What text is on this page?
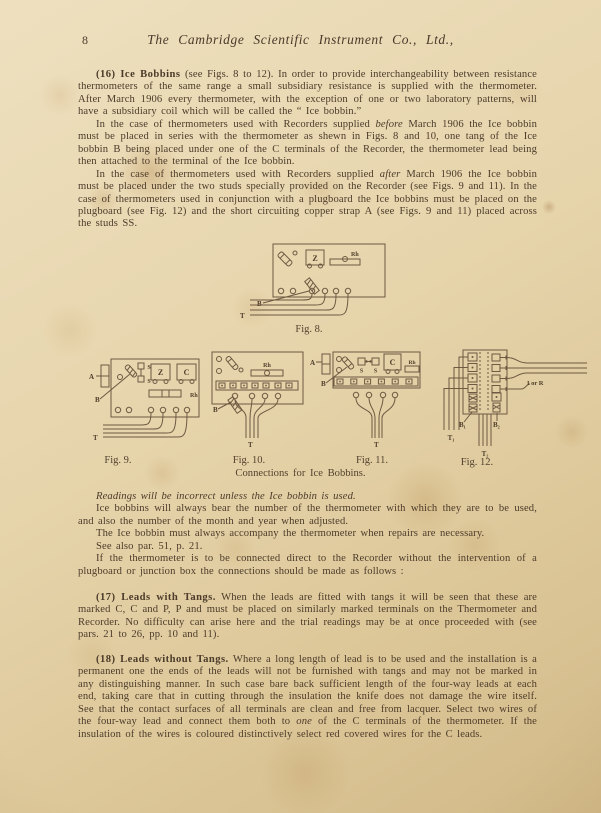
8	The Cambridge Scientific Instrument Co., Ltd.,

(16) Ice Bobbins (see Figs. 8 to 12). In order to provide interchangeability between resistance thermometers of the same range a small subsidiary resistance is supplied with the thermometer. After March 1906 every thermometer, with the exception of one or two laboratory patterns, will have a subsidiary coil which will be called the “ Ice bobbin.”

In the case of thermometers used with Recorders supplied before March 1906 the Ice bobbin must be placed in series with the thermometer as shewn in Figs. 8 and 10, one tang of the Ice bobbin B being placed under one of the C terminals of the Recorder, the thermometer lead being then attached to the terminal of the Ice bobbin.

In the case of thermometers used with Recorders supplied after March 1906 the Ice bobbin must be placed under the two studs specially provided on the Recorder (see Figs. 9 and 11). In the case of thermometers used in conjunction with a plugboard the Ice bobbins must be placed on the plugboard (see Fig. 12) and the short circuiting copper strap A (see Figs. 9 and 11) placed across the studs SS.

Z	Rh
B
T
Fig. 8.
A
S
S
Z	C
Rh
B
T
Fig. 9.
Rh
B
T
Fig. 10.
A
S S
C Rh
B
T
Fig. 11.
T₁
B₁
I or R
B₂
T₂
Fig. 12.
Connections for Ice Bobbins.

Readings will be incorrect unless the Ice bobbin is used.

Ice bobbins will always bear the number of the thermometer with which they are to be used, and also the number of the month and year when adjusted.

The Ice bobbin must always accompany the thermometer when repairs are necessary.

See also par. 51, p. 21.

If the thermometer is to be connected direct to the Recorder without the intervention of a plugboard or junction box the connections should be made as follows :

(17) Leads with Tangs. When the leads are fitted with tangs it will be seen that these are marked C, C and P, P and must be placed on similarly marked terminals on the Thermometer and Recorder. No difficulty can arise here and the trial readings may be at once proceeded with (see pars. 21 to 26, pp. 10 and 11).

(18) Leads without Tangs. Where a long length of lead is to be used and the installation is a permanent one the ends of the leads will not be furnished with tangs and may not be marked in any distinguishing manner. In such case bare back sufficient length of the four-way leads at each end, taking care that in cutting through the insulation the knife does not damage the wire itself. See that the contact surfaces of all terminals are clean and free from lacquer. Select two wires of the four-way lead and connect them both to one of the C terminals of the thermometer. If the insulation of the wires is coloured distinctively select red covered wires for the C leads.
